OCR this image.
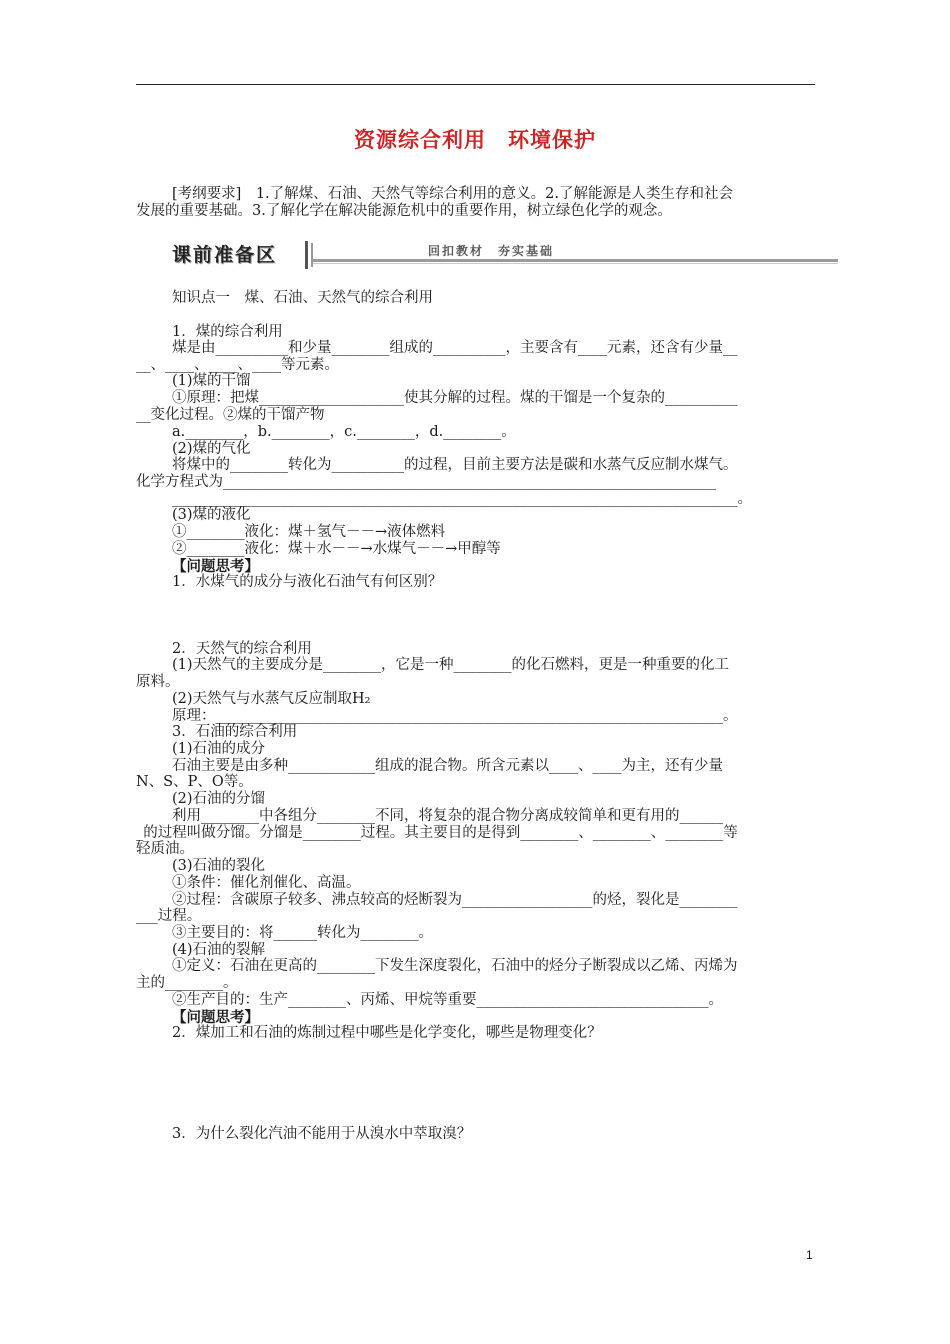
资源综合利用　环境保护
[考纲要求]　1.了解煤、石油、天然气等综合利用的意义。2.了解能源是人类生存和社会
发展的重要基础。3.了解化学在解决能源危机中的重要作用，树立绿色化学的观念。
课前准备区	回扣教材　夯实基础
知识点一　煤、石油、天然气的综合利用
1．煤的综合利用
煤是由__________和少量________组成的__________，主要含有____元素，还含有少量__
__、____、____、____等元素。
(1)煤的干馏
①原理：把煤____________________使其分解的过程。煤的干馏是一个复杂的__________
__变化过程。②煤的干馏产物
a.________，b.________，c.________，d.________。
(2)煤的气化
将煤中的________转化为__________的过程，目前主要方法是碳和水蒸气反应制水煤气。
化学方程式为____________________________________________________________________
______________________________________________________________________________。
(3)煤的液化
①________液化：煤＋氢气－－→液体燃料
②________液化：煤＋水－－→水煤气－－→甲醇等
【问题思考】
1．水煤气的成分与液化石油气有何区别？
2．天然气的综合利用
(1)天然气的主要成分是________，它是一种________的化石燃料，更是一种重要的化工
原料。
(2)天然气与水蒸气反应制取H₂
原理：______________________________________________________________________。
3．石油的综合利用
(1)石油的成分
石油主要是由多种____________组成的混合物。所含元素以____、____为主，还有少量
N、S、P、O等。
(2)石油的分馏
利用________中各组分________不同，将复杂的混合物分离成较简单和更有用的______
_的过程叫做分馏。分馏是________过程。其主要目的是得到________、________、________等
轻质油。
(3)石油的裂化
①条件：催化剂催化、高温。
②过程：含碳原子较多、沸点较高的烃断裂为__________________的烃，裂化是________
___过程。
③主要目的：将______转化为________。
(4)石油的裂解
①定义：石油在更高的________下发生深度裂化，石油中的烃分子断裂成以乙烯、丙烯为
主的________。
②生产目的：生产________、丙烯、甲烷等重要________________________________。
【问题思考】
2．煤加工和石油的炼制过程中哪些是化学变化，哪些是物理变化？
3．为什么裂化汽油不能用于从溴水中萃取溴？
1
